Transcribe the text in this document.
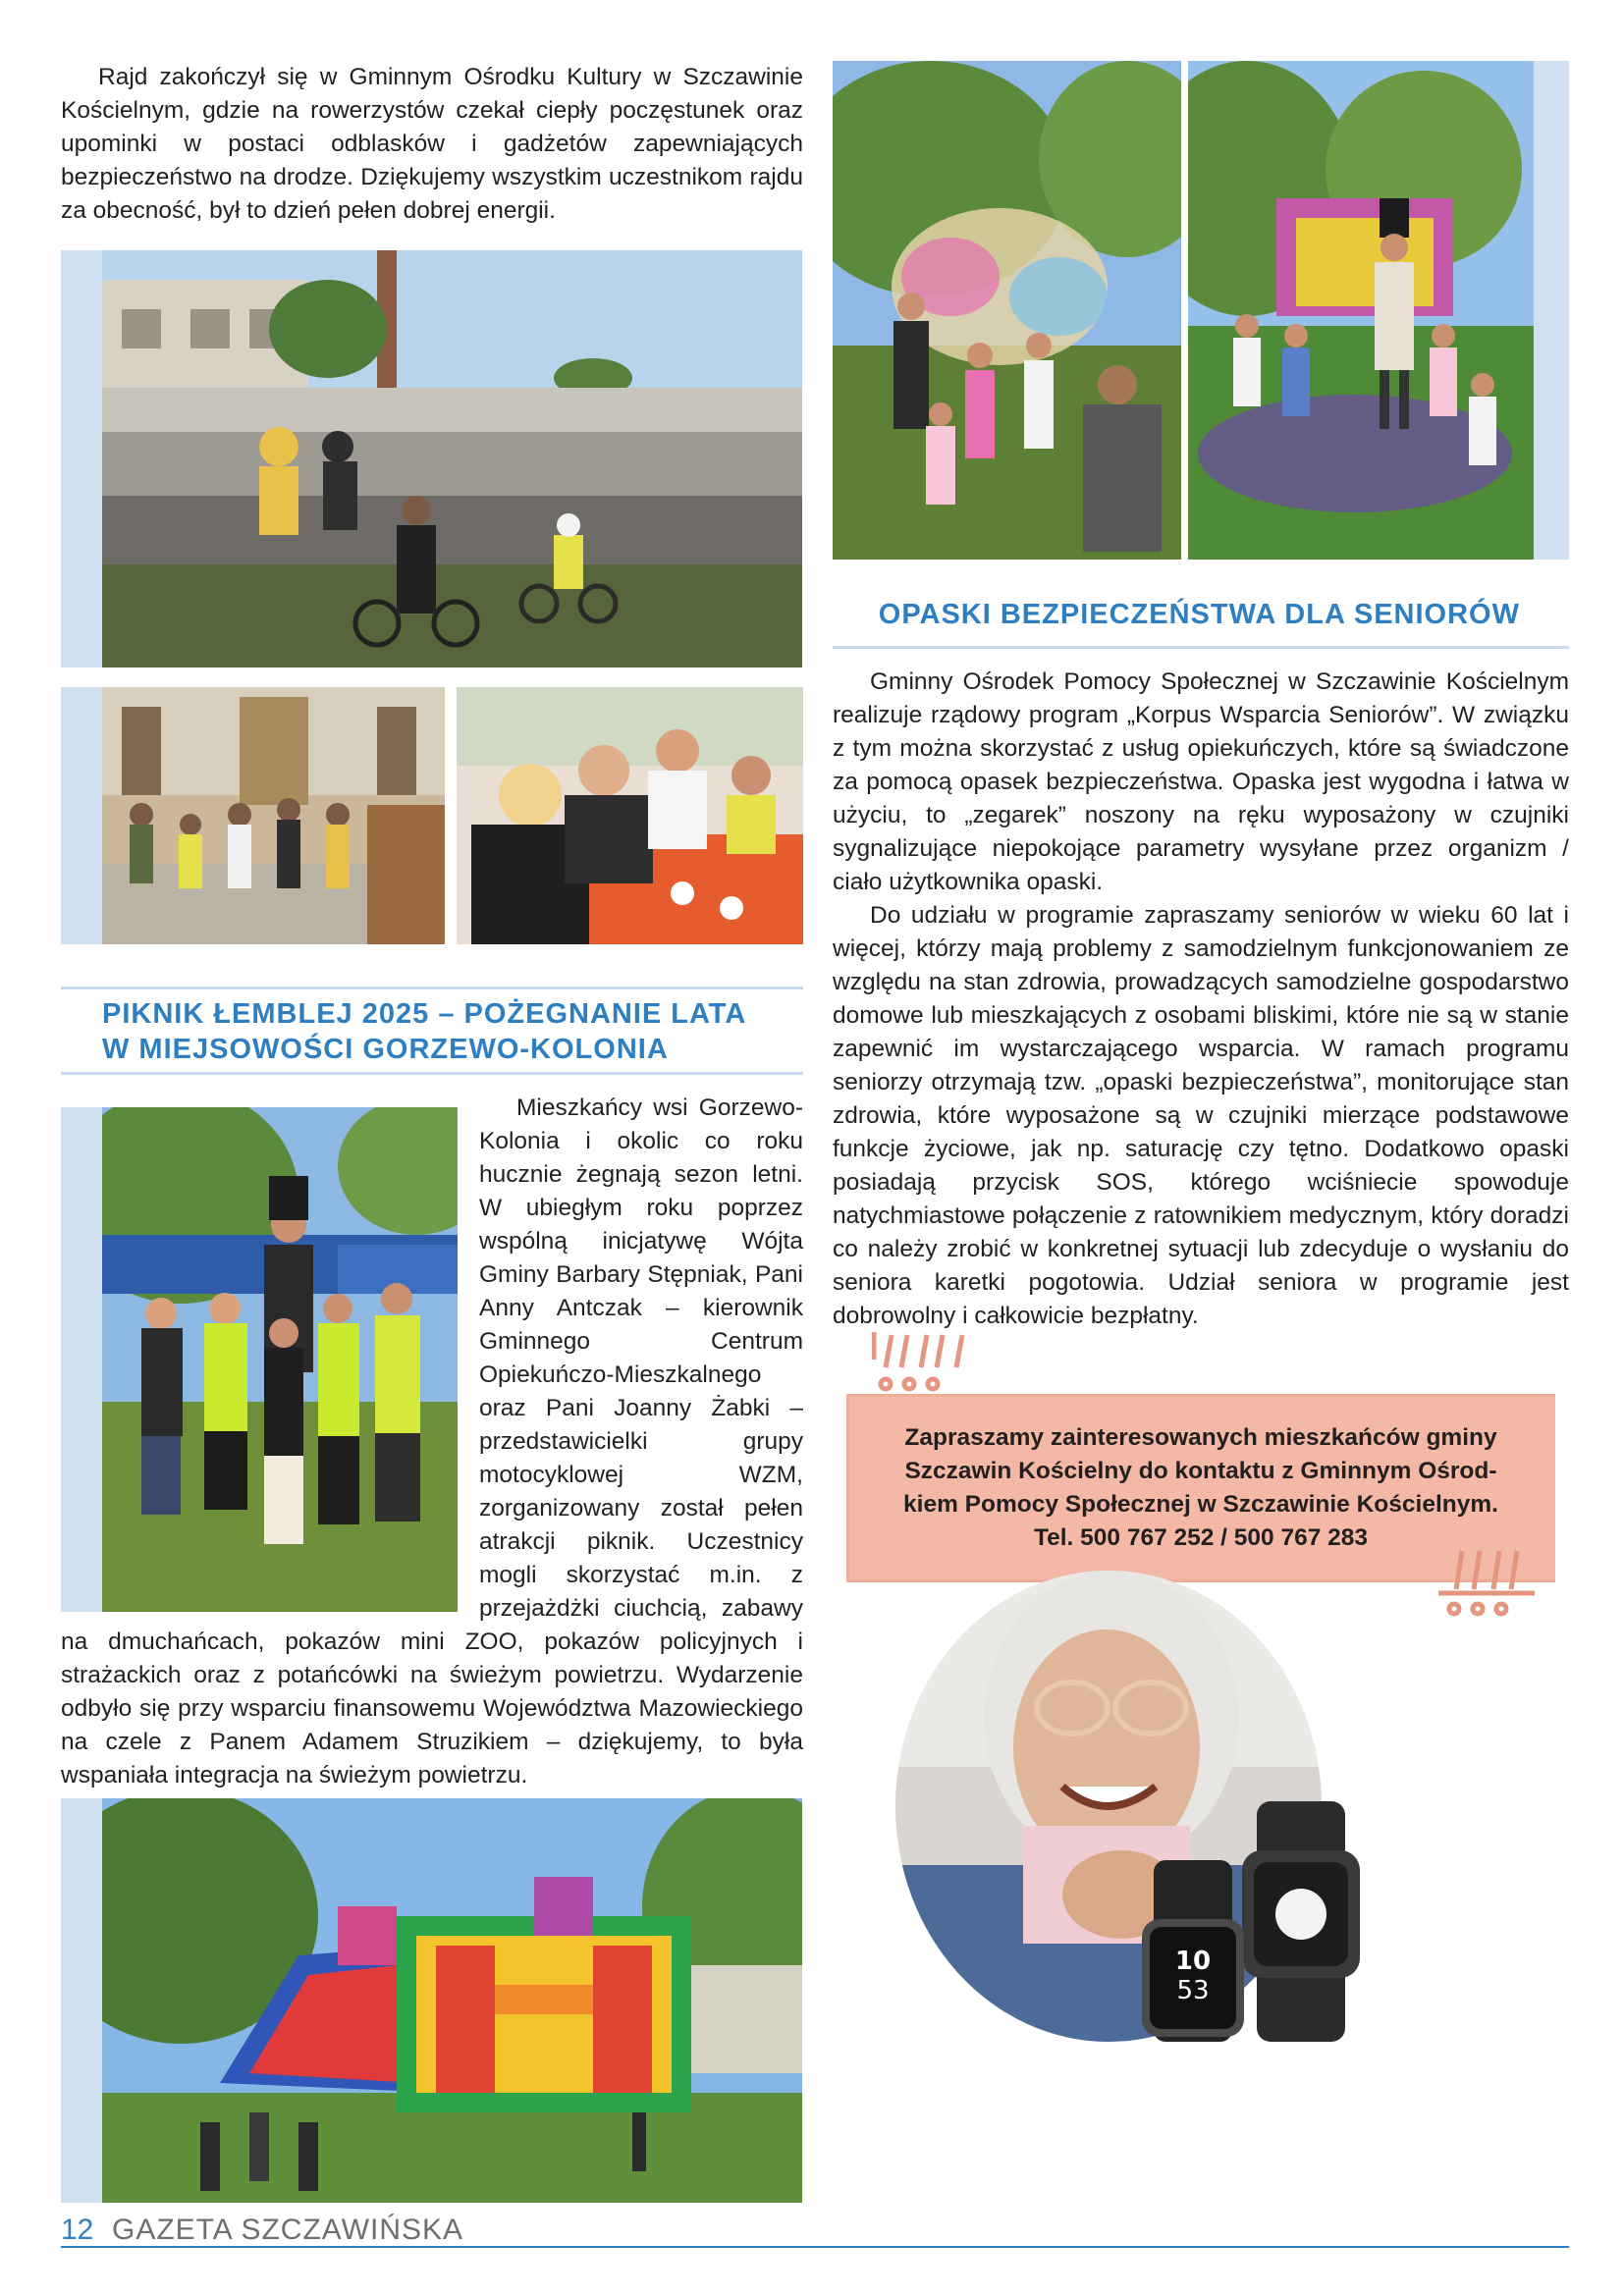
Rajd zakończył się w Gminnym Ośrodku Kultury w Szczawinie Kościelnym, gdzie na rowerzystów czekał ciepły poczęstunek oraz upominki w postaci odblasków i gadżetów zapewniających bezpieczeństwo na drodze. Dziękujemy wszystkim uczestnikom rajdu za obecność, był to dzień pełen dobrej energii.

PIKNIK ŁEMBLEJ 2025 – POŻEGNANIE LATA
W MIEJSOWOŚCI GORZEWO-KOLONIA

Mieszkańcy wsi Gorzewo-Kolonia i okolic co roku hucznie żegnają sezon letni. W ubiegłym roku poprzez wspólną inicjatywę Wójta Gminy Barbary Stępniak, Pani Anny Antczak – kierownik Gminnego Centrum Opiekuńczo-Mieszkalnego oraz Pani Joanny Żabki – przedstawicielki grupy motocyklowej WZM, zorganizowany został pełen atrakcji piknik. Uczestnicy mogli skorzystać m.in. z przejażdżki ciuchcią, zabawy na dmuchańcach, pokazów mini ZOO, pokazów policyjnych i strażackich oraz z potańcówki na świeżym powietrzu. Wydarzenie odbyło się przy wsparciu finansowemu Województwa Mazowieckiego na czele z Panem Adamem Struzikiem – dziękujemy, to była wspaniała integracja na świeżym powietrzu.

OPASKI BEZPIECZEŃSTWA DLA SENIORÓW

Gminny Ośrodek Pomocy Społecznej w Szczawinie Kościelnym realizuje rządowy program „Korpus Wsparcia Seniorów”. W związku z tym można skorzystać z usług opiekuńczych, które są świadczone za pomocą opasek bezpieczeństwa. Opaska jest wygodna i łatwa w użyciu, to „zegarek” noszony na ręku wyposażony w czujniki sygnalizujące niepokojące parametry wysyłane przez organizm / ciało użytkownika opaski.

Do udziału w programie zapraszamy seniorów w wieku 60 lat i więcej, którzy mają problemy z samodzielnym funkcjonowaniem ze względu na stan zdrowia, prowadzących samodzielne gospodarstwo domowe lub mieszkających z osobami bliskimi, które nie są w stanie zapewnić im wystarczającego wsparcia. W ramach programu seniorzy otrzymają tzw. „opaski bezpieczeństwa”, monitorujące stan zdrowia, które wyposażone są w czujniki mierzące podstawowe funkcje życiowe, jak np. saturację czy tętno. Dodatkowo opaski posiadają przycisk SOS, którego wciśniecie spowoduje natychmiastowe połączenie z ratownikiem medycznym, który doradzi co należy zrobić w konkretnej sytuacji lub zdecyduje o wysłaniu do seniora karetki pogotowia. Udział seniora w programie jest dobrowolny i całkowicie bezpłatny.

Zapraszamy zainteresowanych mieszkańców gminy
Szczawin Kościelny do kontaktu z Gminnym Ośrod-
kiem Pomocy Społecznej w Szczawinie Kościelnym.
Tel. 500 767 252 / 500 767 283
10
53
12 GAZETA SZCZAWIŃSKA
